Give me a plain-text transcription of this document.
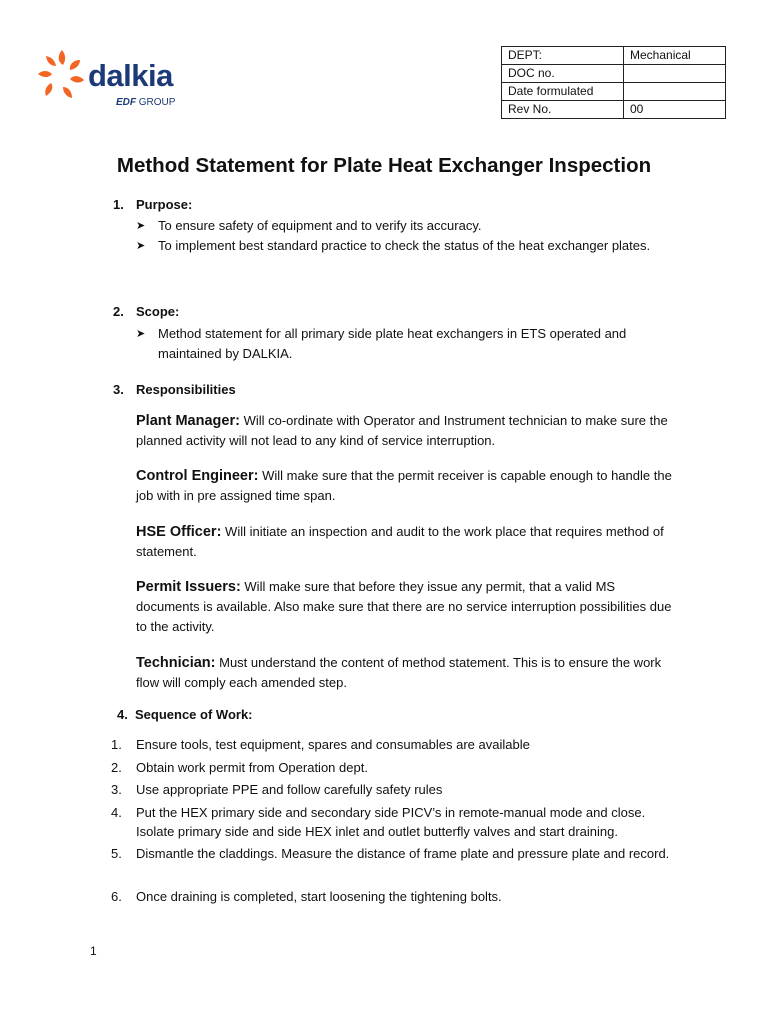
dalkia
EDF GROUP
DEPT:	Mechanical
DOC no.	
Date formulated	
Rev No.	00
Method Statement for Plate Heat Exchanger Inspection
1. Purpose:
➤ To ensure safety of equipment and to verify its accuracy.
➤ To implement best standard practice to check the status of the heat exchanger plates.
2. Scope:
➤ Method statement for all primary side plate heat exchangers in ETS operated and maintained by DALKIA.
3. Responsibilities
Plant Manager: Will co-ordinate with Operator and Instrument technician to make sure the planned activity will not lead to any kind of service interruption.
Control Engineer: Will make sure that the permit receiver is capable enough to handle the job with in pre assigned time span.
HSE Officer: Will initiate an inspection and audit to the work place that requires method of statement.
Permit Issuers: Will make sure that before they issue any permit, that a valid MS documents is available. Also make sure that there are no service interruption possibilities due to the activity.
Technician: Must understand the content of method statement. This is to ensure the work flow will comply each amended step.
4. Sequence of Work:
1. Ensure tools, test equipment, spares and consumables are available
2. Obtain work permit from Operation dept.
3. Use appropriate PPE and follow carefully safety rules
4. Put the HEX primary side and secondary side PICV’s in remote-manual mode and close. Isolate primary side and side HEX inlet and outlet butterfly valves and start draining.
5. Dismantle the claddings. Measure the distance of frame plate and pressure plate and record.
6. Once draining is completed, start loosening the tightening bolts.
1
